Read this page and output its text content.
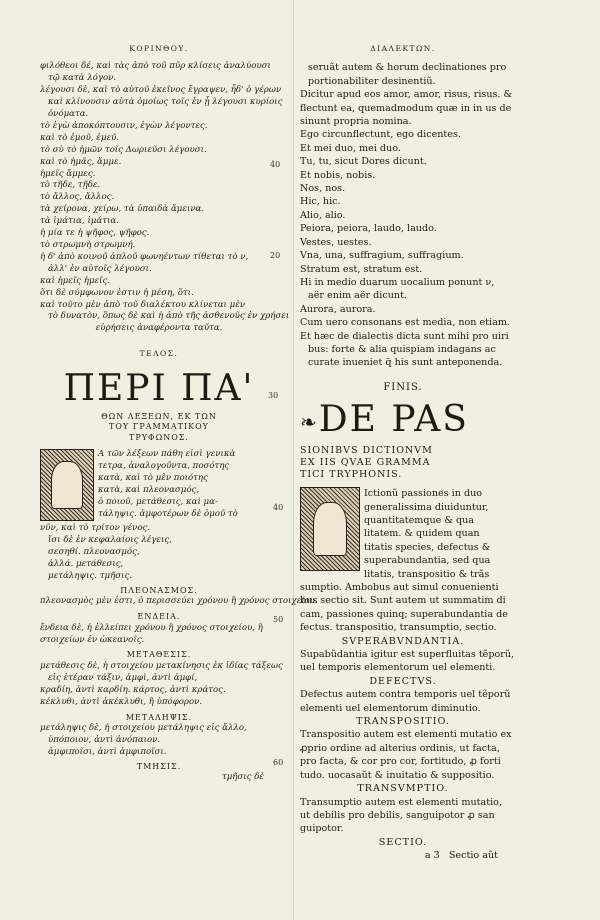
40
20
30
40
50
60
ΚΟΡΙΝΘΟΥ.
φιλόθεοι δέ, καὶ τὰς ἀπὸ τοῦ πῦρ κλίσεις ἀναλύουσι
τῷ κατὰ λόγον.
λέγουσι δὲ, καὶ τὸ αὐτοῦ ἐκεῖνος ἔγραψεν, ἦδ' ὁ γέρων
καὶ κλίνουσιν αὐτὰ ὁμοίως τοῖς ἐν ᾗ λέγουσι κυρίοις
ὀνόματα.
τὸ ἐγὼ ἀποκόπτουσιν, ἐγὼν λέγοντες.
καὶ τὸ ἐμοῦ, ἐμεῦ.
τὸ σὺ τὸ ἡμῶν τοῖς Δωριεῦσι λέγουσι.
καὶ τὸ ἡμᾶς, ἄμμε.
ἡμεῖς ἄμμες.
τὸ τῆδε, τῇδε.
τὸ ἄλλος, ἄλλος.
τὰ χείρονα, χείρω, τὰ ὑπαιδὰ ἄμεινα.
τὰ ἱμάτια, ἱμάτια.
ἡ μία τε ἡ ψῆφος, ψῆφος.
τὸ στρωμνὴ στρωμνή.
ἡ δ' ἀπὸ κοινοῦ ἁπλοῦ φωνηέντων τίθεται τὸ ν,
ἀλλ' ἐν αὐτοῖς λέγουσι.
καὶ ἡμεῖς ἡμεῖς.
ὅτι δὲ σύμφωνον ἐστιν ἡ μέση, ὅτι.
καὶ τοῦτο μὲν ἀπὸ τοῦ διαλέκτου κλίνεται μὲν
τὸ δυνατὸν, ὅπως δὲ καὶ ἡ ἀπὸ τῆς ἀσθενοῦς ἐν χρήσει
εὑρήσεις ἀναφέροντα ταῦτα.
ΤΕΛΟΣ.
ΠΕΡΙ ΠΑ'
ΘΩΝ ΛΕΞΕΩΝ, ΕΚ ΤΩΝ
ΤΟΥ ΓΡΑΜΜΑΤΙΚΟΥ
ΤΡΥΦΩΝΟΣ.
Α τῶν λέξεων πάθη εἰσὶ γενικὰ
τετρα, ἀναλογοῦντα, ποσότης
κατὰ, καὶ τὸ μὲν ποιότης
κατὰ, καὶ πλεονασμός,
ὁ ποιοῦ, μετάθεσις, καὶ μα-
τάληψις. ἀμφοτέρων δὲ ὁμοῦ τὸ
νῦν, καὶ τὸ τρίτον γένος.
ἴσι δὲ ἐν κεφαλαίοις λέγεις,
σεσηθί. πλεονασμός,
ἀλλά. μετάθεσις,
μετάληψις. τμῆσις.
ΠΛΕΟΝΑΣΜΟΣ.
πλεονασμὸς μὲν ἐστι, ὁ περισσεύει χρόνου ἢ χρόνος στοιχείου.
ΕΝΔΕΙΑ.
ἔνδεια δὲ, ἡ ἐλλείπει χρόνου ἢ χρόνος στοιχείου, ἢ στοιχείων ἐν ὠκεανοῖς.
ΜΕΤΑΘΕΣΙΣ.
μετάθεσις δὲ, ἡ στοιχείου μετακίνησις ἐκ ἰδίας τάξεως
εἰς ἑτέραν τάξιν, ἀμφὶ, ἀντὶ ἀμφί,
κραδίη, ἀντὶ καρδίη. κάρτος, ἀντὶ κράτος.
κέκλυθι, ἀντὶ ἀκέκλυθι, ἢ ὑπόφορον.
ΜΕΤΑΛΗΨΙΣ.
μετάληψις δὲ, ἡ στοιχείου μετάληψις εἰς ἄλλο,
ὑπόποιον, ἀντὶ ἀνόπαιον.
ἀμφιποῖσι, ἀντὶ ἀμφιποῖσι.
ΤΜΗΣΙΣ.
τμῆσις δὲ
ΔΙΑΛΕΚΤΩΝ.
seruãt autem & horum declinationes pro
portionabiliter desinentiũ.
Dicitur apud eos amor, amor, risus, risus. &
flectunt ea, quemadmodum quæ in in us de
sinunt propria nomina.
Ego circunflectunt, ego dicentes.
Et mei duo, mei duo.
Tu, tu, sicut Dores dicunt.
Et nobis, nobis.
Nos, nos.
Hic, hic.
Alio, alio.
Peiora, peiora, laudo, laudo.
Vestes, uestes.
Vna, una, suffragium, suffragium.
Stratum est, stratum est.
Hi in medio duarum uocalium ponunt ν,
aër enim aër dicunt.
Aurora, aurora.
Cum uero consonans est media, non etiam.
Et hæc de dialectis dicta sunt mihi pro uiri
bus: forte & alia quispiam indagans ac
curate inueniet q̃ his sunt anteponenda.
FINIS.
❧DE PAS
SIONIBVS DICTIONVM
EX IIS QVAE GRAMMA
TICI TRYPHONIS.
Ictionũ passiones in duo
generalissima diuiduntur,
quantitatemque & qua
litatem. & quidem quan
titatis species, defectus &
superabundantia, sed qua
litatis, transpositio & trãs
sumptio. Ambobus aut simul conuenienti
bus sectio sit. Sunt autem ut summatim di
cam, passiones quinq; superabundantia de
fectus. transpositio, transumptio, sectio.
SVPERABVNDANTIA.
Supabũdantia igitur est superfluitas tẽporũ,
uel temporis elementorum uel elementi.
DEFECTVS.
Defectus autem contra temporis uel tẽporũ
elementi uel elementorum diminutio.
TRANSPOSITIO.
Transpositio autem est elementi mutatio ex
ꝓprio ordine ad alterius ordinis, ut facta,
pro facta, & cor pro cor, fortitudo, ꝓ forti
tudo. uocasaũt & inuitatio & suppositio.
TRANSVMPTIO.
Transumptio autem est elementi mutatio,
ut debilis pro debilis, sanguipotor ꝓ san
guipotor.
SECTIO.
a 3 Sectio aũt
